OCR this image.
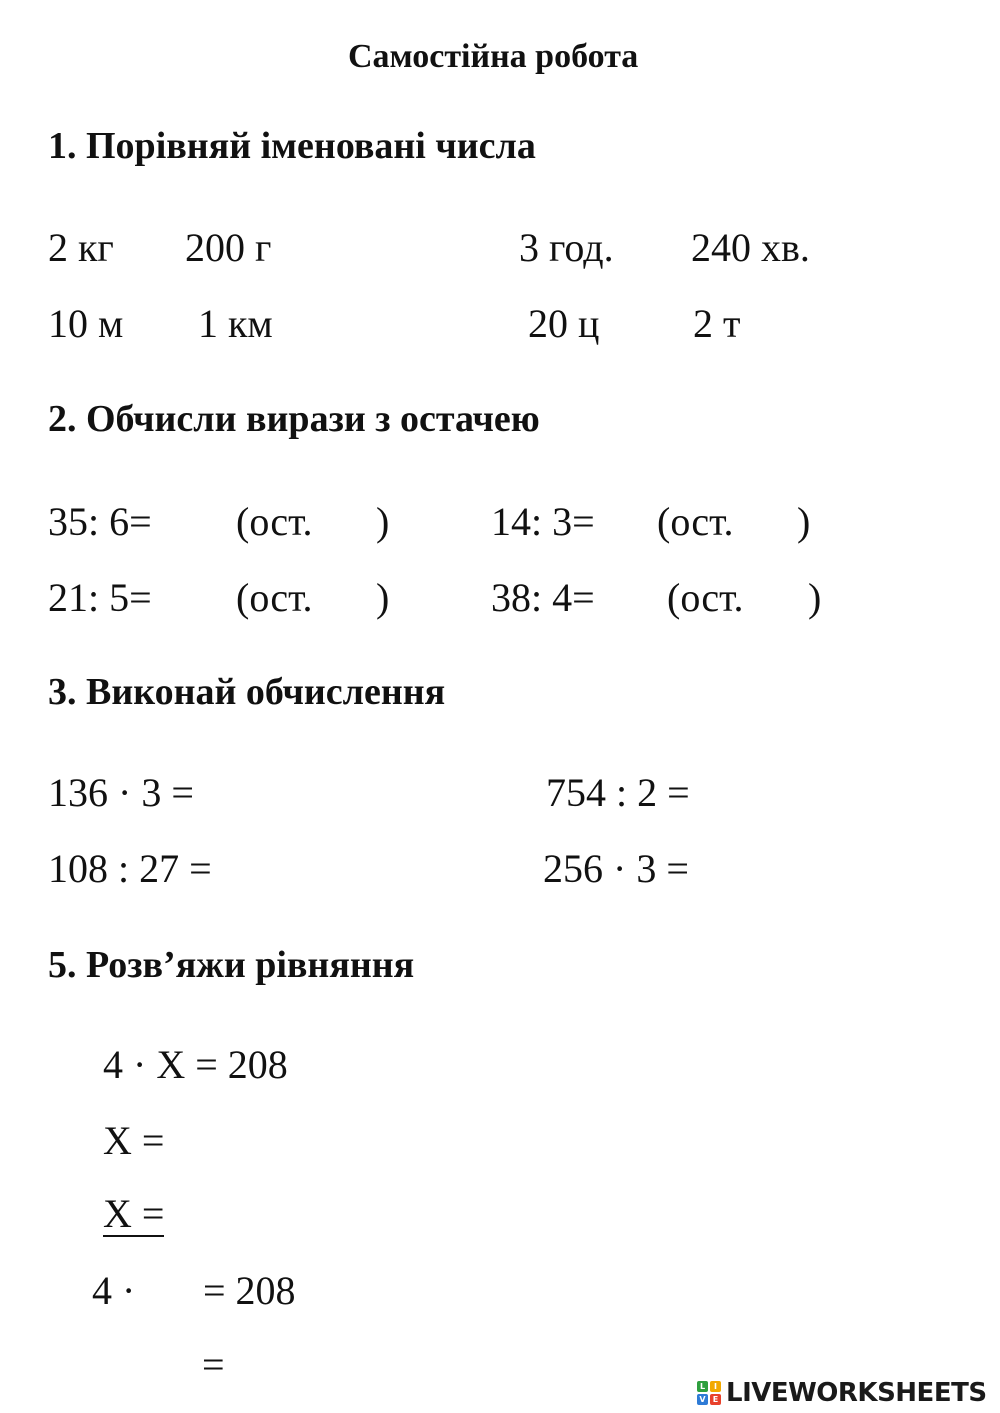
Самостійна робота
1. Порівняй іменовані числа
2 кг 200 г	3 год. 240 хв.
10 м 1 км	20 ц 2 т
2. Обчисли вирази з остачею
35: 6= (ост. )	14: 3= (ост. )
21: 5= (ост. )	38: 4= (ост. )
3. Виконай обчислення
136 · 3 =	754 : 2 =
108 : 27 =	256 · 3 =
5. Розв’яжи рівняння
4 · X = 208
X =
X =
4 · = 208
=	L	I
V E LIVEWORKSHEETS
